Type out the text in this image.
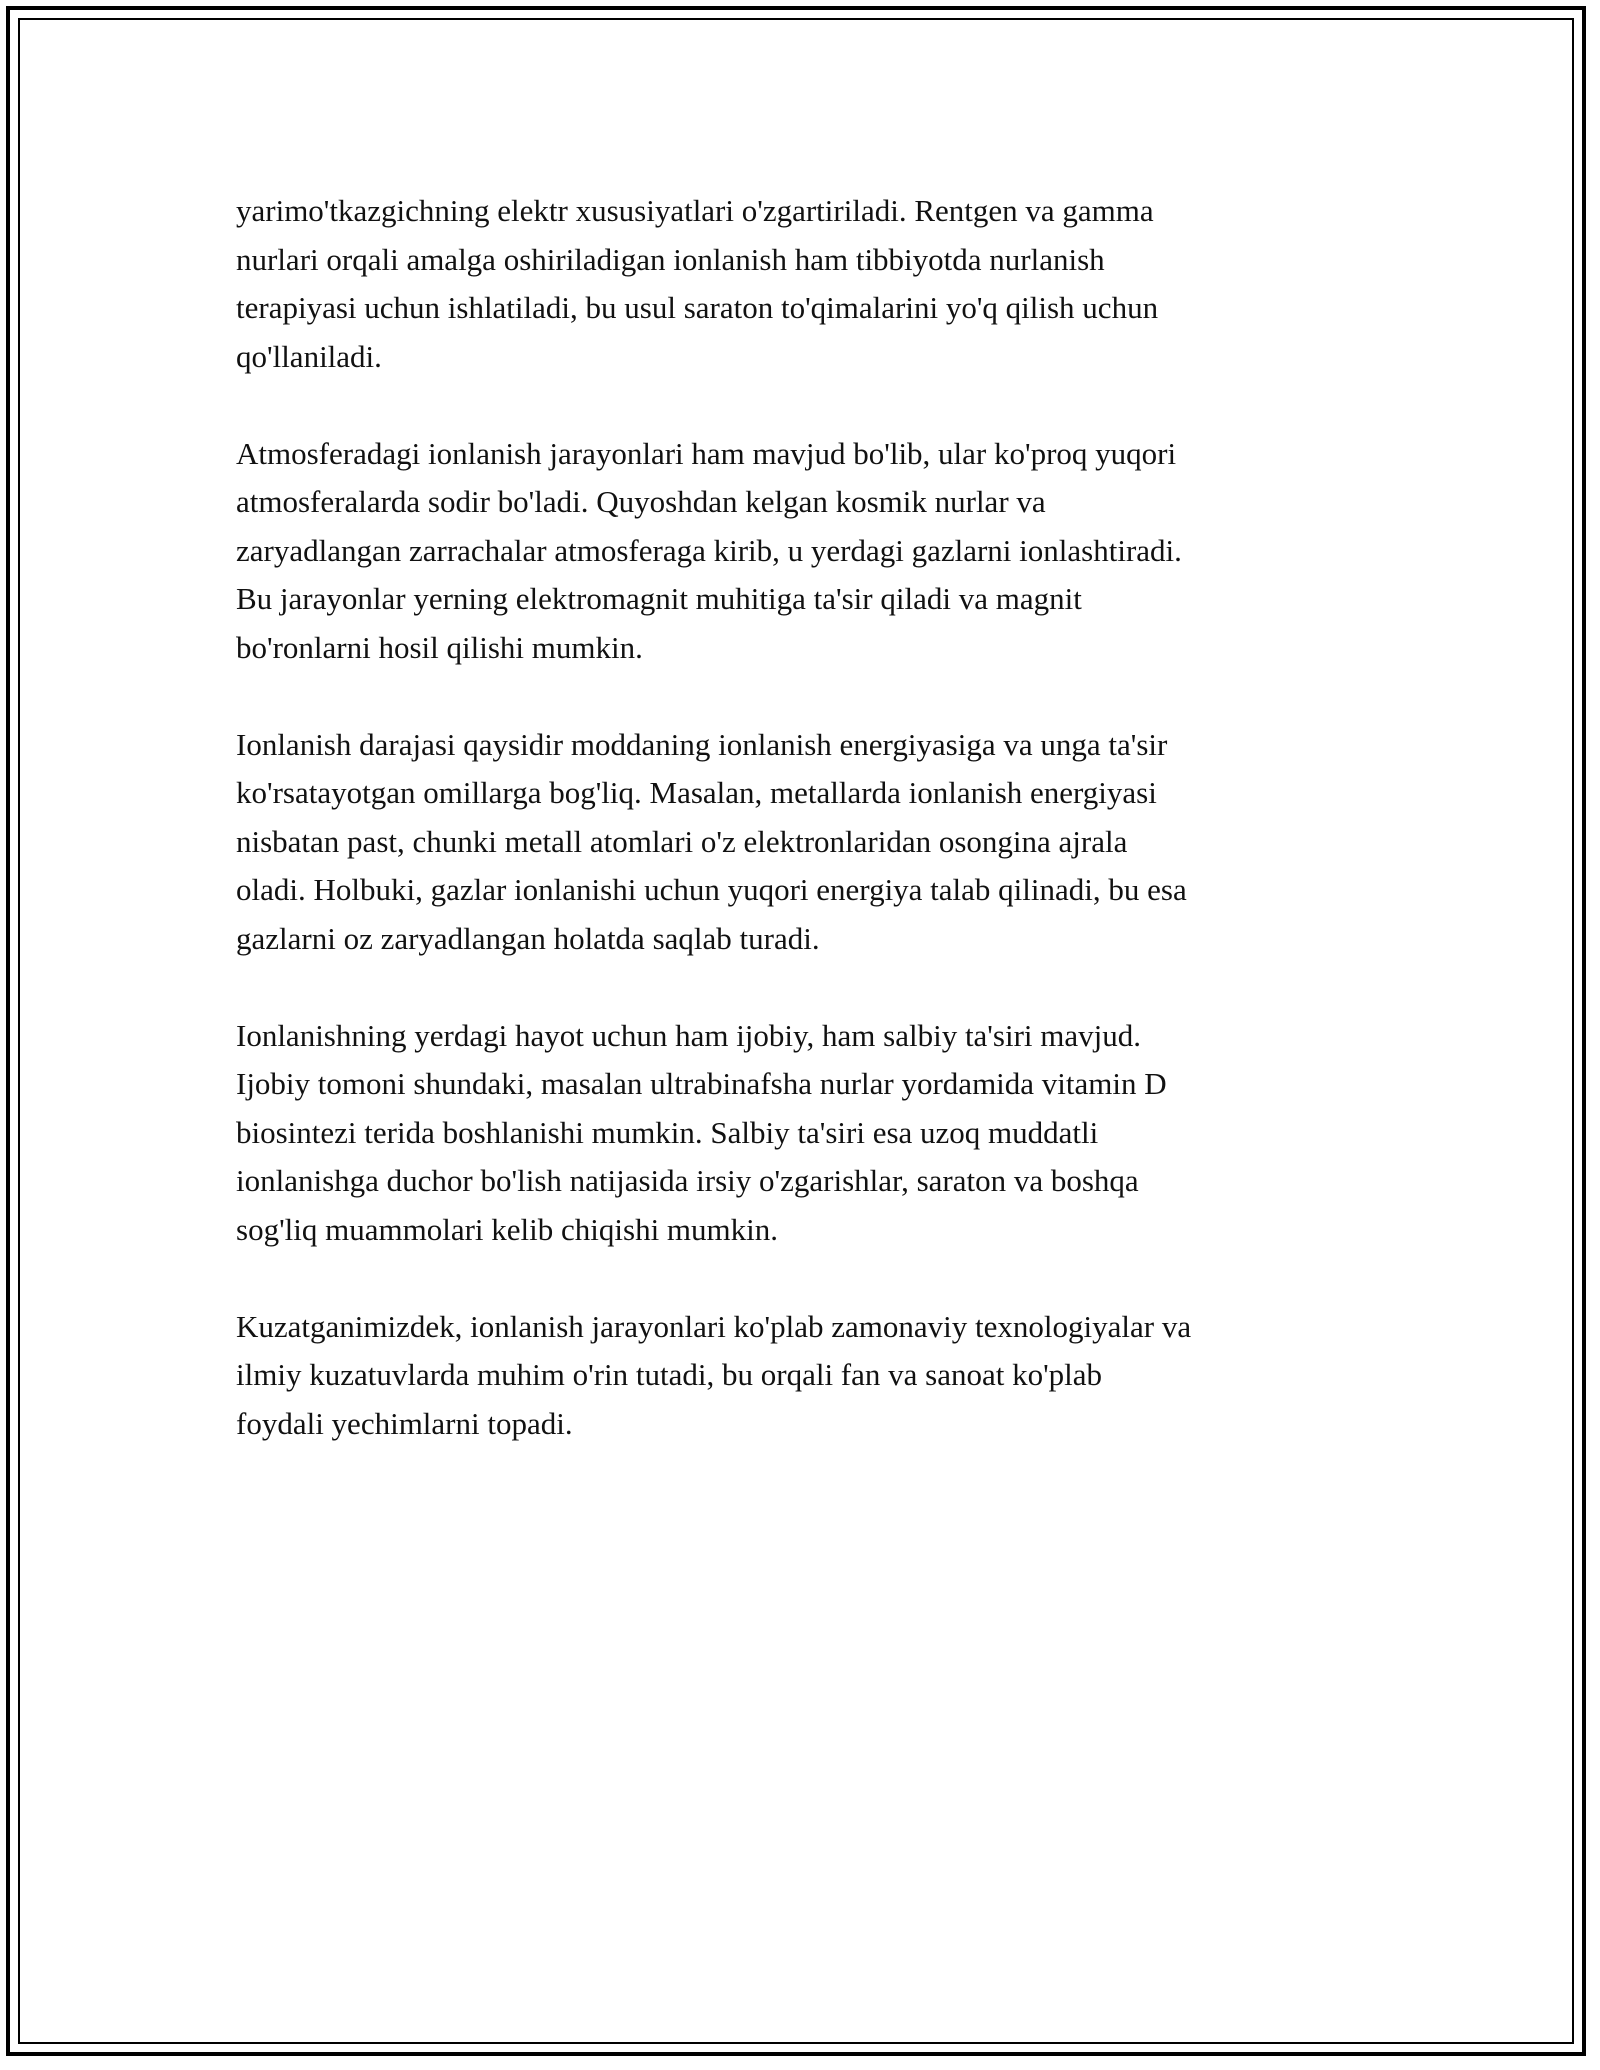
yarimo'tkazgichning elektr xususiyatlari o'zgartiriladi. Rentgen va gamma
nurlari orqali amalga oshiriladigan ionlanish ham tibbiyotda nurlanish
terapiyasi uchun ishlatiladi, bu usul saraton to'qimalarini yo'q qilish uchun
qo'llaniladi.

Atmosferadagi ionlanish jarayonlari ham mavjud bo'lib, ular ko'proq yuqori
atmosferalarda sodir bo'ladi. Quyoshdan kelgan kosmik nurlar va
zaryadlangan zarrachalar atmosferaga kirib, u yerdagi gazlarni ionlashtiradi.
Bu jarayonlar yerning elektromagnit muhitiga ta'sir qiladi va magnit
bo'ronlarni hosil qilishi mumkin.

Ionlanish darajasi qaysidir moddaning ionlanish energiyasiga va unga ta'sir
ko'rsatayotgan omillarga bog'liq. Masalan, metallarda ionlanish energiyasi
nisbatan past, chunki metall atomlari o'z elektronlaridan osongina ajrala
oladi. Holbuki, gazlar ionlanishi uchun yuqori energiya talab qilinadi, bu esa
gazlarni oz zaryadlangan holatda saqlab turadi.

Ionlanishning yerdagi hayot uchun ham ijobiy, ham salbiy ta'siri mavjud.
Ijobiy tomoni shundaki, masalan ultrabinafsha nurlar yordamida vitamin D
biosintezi terida boshlanishi mumkin. Salbiy ta'siri esa uzoq muddatli
ionlanishga duchor bo'lish natijasida irsiy o'zgarishlar, saraton va boshqa
sog'liq muammolari kelib chiqishi mumkin.

Kuzatganimizdek, ionlanish jarayonlari ko'plab zamonaviy texnologiyalar va
ilmiy kuzatuvlarda muhim o'rin tutadi, bu orqali fan va sanoat ko'plab
foydali yechimlarni topadi.
